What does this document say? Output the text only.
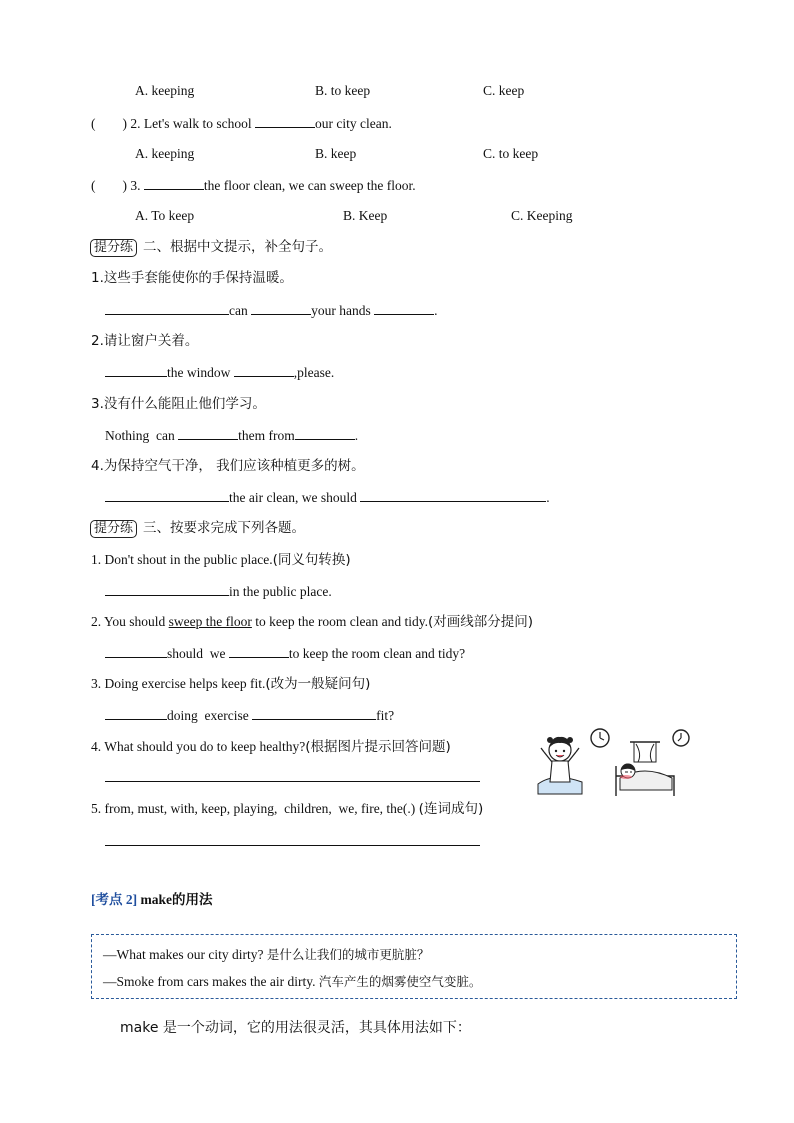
A. keeping	B. to keep	C. keep
(        ) 2. Let's walk to school	our city clean.
A. keeping	B. keep	C. to keep
(        ) 3.	the floor clean, we can sweep the floor.
A. To keep	B. Keep	C. Keeping
提分练 二、根据中文提示，补全句子。
1.这些手套能使你的手保持温暖。
can	your hands	.
2.请让窗户关着。
the window	,please.
3.没有什么能阻止他们学习。
Nothing  can	them from	.
4.为保持空气干净， 我们应该种植更多的树。
the air clean, we should	.
提分练 三、按要求完成下列各题。
1. Don't shout in the public place.(同义句转换)
in the public place.
2. You should sweep the floor to keep the room clean and tidy.(对画线部分提问)
should  we	to keep the room clean and tidy?
3. Doing exercise helps keep fit.(改为一般疑问句)
doing  exercise	fit?
4. What should you do to keep healthy?(根据图片提示回答问题)
5. from, must, with, keep, playing,  children,  we, fire, the(.) (连词成句)
[考点 2] make的用法
—What makes our city dirty? 是什么让我们的城市更肮脏？
—Smoke from cars makes the air dirty. 汽车产生的烟雾使空气变脏。
make 是一个动词，它的用法很灵活，其具体用法如下：
